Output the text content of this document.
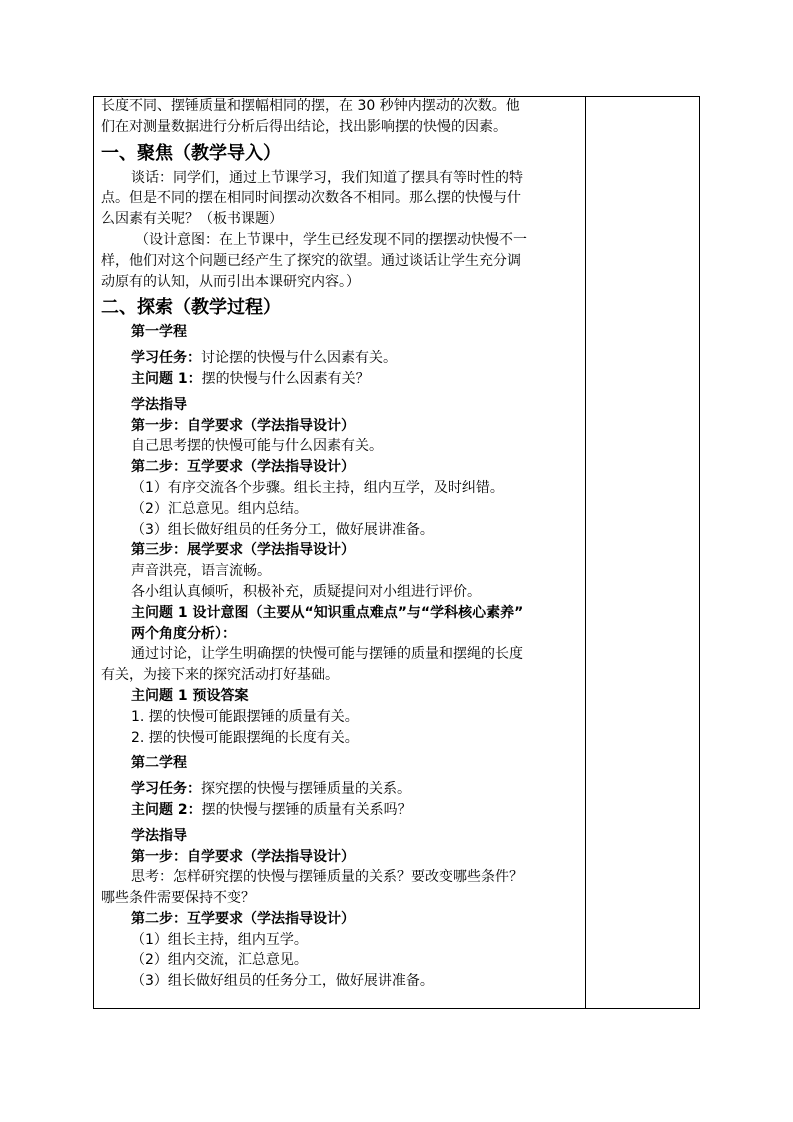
长度不同、摆锤质量和摆幅相同的摆，在 30 秒钟内摆动的次数。他
们在对测量数据进行分析后得出结论，找出影响摆的快慢的因素。
一、聚焦（教学导入）
谈话：同学们，通过上节课学习，我们知道了摆具有等时性的特
点。但是不同的摆在相同时间摆动次数各不相同。那么摆的快慢与什
么因素有关呢？（板书课题）
（设计意图：在上节课中，学生已经发现不同的摆摆动快慢不一
样，他们对这个问题已经产生了探究的欲望。通过谈话让学生充分调
动原有的认知，从而引出本课研究内容。）
二、探索（教学过程）
第一学程
学习任务：讨论摆的快慢与什么因素有关。
主问题 1：摆的快慢与什么因素有关？
学法指导
第一步：自学要求（学法指导设计）
自己思考摆的快慢可能与什么因素有关。
第二步：互学要求（学法指导设计）
（1）有序交流各个步骤。组长主持，组内互学，及时纠错。
（2）汇总意见。组内总结。
（3）组长做好组员的任务分工，做好展讲准备。
第三步：展学要求（学法指导设计）
声音洪亮，语言流畅。
各小组认真倾听，积极补充，质疑提问对小组进行评价。
主问题 1 设计意图（主要从“知识重点难点”与“学科核心素养”
两个角度分析）：
通过讨论，让学生明确摆的快慢可能与摆锤的质量和摆绳的长度
有关，为接下来的探究活动打好基础。
主问题 1 预设答案
1. 摆的快慢可能跟摆锤的质量有关。
2. 摆的快慢可能跟摆绳的长度有关。
第二学程
学习任务：探究摆的快慢与摆锤质量的关系。
主问题 2：摆的快慢与摆锤的质量有关系吗？
学法指导
第一步：自学要求（学法指导设计）
思考：怎样研究摆的快慢与摆锤质量的关系？要改变哪些条件？
哪些条件需要保持不变？
第二步：互学要求（学法指导设计）
（1）组长主持，组内互学。
（2）组内交流，汇总意见。
（3）组长做好组员的任务分工，做好展讲准备。
